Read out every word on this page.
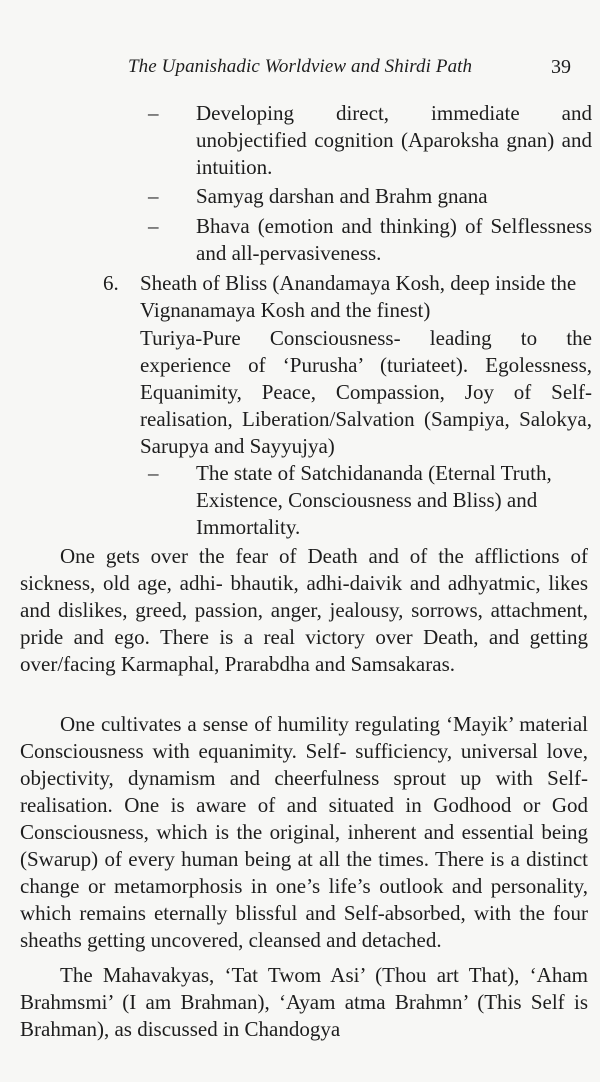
The Upanishadic Worldview and Shirdi Path	39
– Developing direct, immediate and unobjectified cognition (Aparoksha gnan) and intuition.
– Samyag darshan and Brahm gnana
– Bhava (emotion and thinking) of Selflessness and all-pervasiveness.
6. Sheath of Bliss (Anandamaya Kosh, deep inside the Vignanamaya Kosh and the finest)
Turiya-Pure Consciousness- leading to the experience of ‘Purusha’ (turiateet). Egolessness, Equanimity, Peace, Compassion, Joy of Self-realisation, Liberation/Salvation (Sampiya, Salokya, Sarupya and Sayyujya)
– The state of Satchidananda (Eternal Truth, Existence, Consciousness and Bliss) and Immortality.
One gets over the fear of Death and of the afflictions of sickness, old age, adhi- bhautik, adhi-daivik and adhyatmic, likes and dislikes, greed, passion, anger, jealousy, sorrows, attachment, pride and ego. There is a real victory over Death, and getting over/facing Karmaphal, Prarabdha and Samsakaras.
One cultivates a sense of humility regulating ‘Mayik’ material Consciousness with equanimity. Self- sufficiency, universal love, objectivity, dynamism and cheerfulness sprout up with Self-realisation. One is aware of and situated in Godhood or God Consciousness, which is the original, inherent and essential being (Swarup) of every human being at all the times. There is a distinct change or metamorphosis in one’s life’s outlook and personality, which remains eternally blissful and Self-absorbed, with the four sheaths getting uncovered, cleansed and detached.
The Mahavakyas, ‘Tat Twom Asi’ (Thou art That), ‘Aham Brahmsmi’ (I am Brahman), ‘Ayam atma Brahmn’ (This Self is Brahman), as discussed in Chandogya
